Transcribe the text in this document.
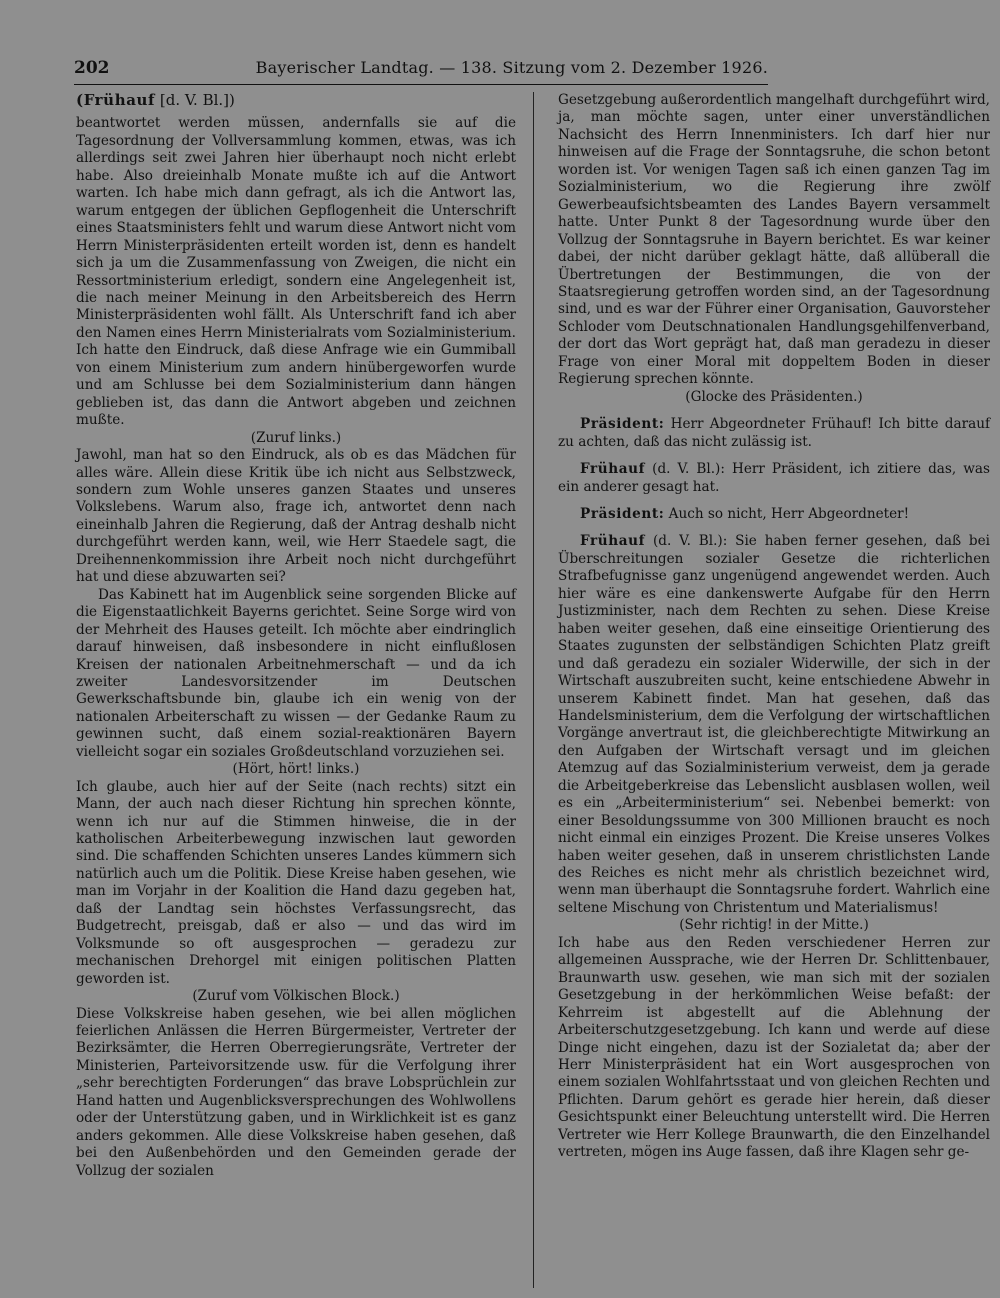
202	Bayerischer Landtag. — 138. Sitzung vom 2. Dezember 1926.

(Frühauf [d. V. Bl.])

beantwortet werden müssen, andernfalls sie auf die Tagesordnung der Vollversammlung kommen, etwas, was ich allerdings seit zwei Jahren hier überhaupt noch nicht erlebt habe. Also dreieinhalb Monate mußte ich auf die Antwort warten. Ich habe mich dann gefragt, als ich die Antwort las, warum entgegen der üblichen Gepflogenheit die Unterschrift eines Staatsministers fehlt und warum diese Antwort nicht vom Herrn Ministerpräsidenten erteilt worden ist, denn es handelt sich ja um die Zusammenfassung von Zweigen, die nicht ein Ressortministerium erledigt, sondern eine Angelegenheit ist, die nach meiner Meinung in den Arbeitsbereich des Herrn Ministerpräsidenten wohl fällt. Als Unterschrift fand ich aber den Namen eines Herrn Ministerialrats vom Sozialministerium. Ich hatte den Eindruck, daß diese Anfrage wie ein Gummiball von einem Ministerium zum andern hinübergeworfen wurde und am Schlusse bei dem Sozialministerium dann hängen geblieben ist, das dann die Antwort abgeben und zeichnen mußte.

(Zuruf links.)

Jawohl, man hat so den Eindruck, als ob es das Mädchen für alles wäre. Allein diese Kritik übe ich nicht aus Selbstzweck, sondern zum Wohle unseres ganzen Staates und unseres Volkslebens. Warum also, frage ich, antwortet denn nach eineinhalb Jahren die Regierung, daß der Antrag deshalb nicht durchgeführt werden kann, weil, wie Herr Staedele sagt, die Dreihennenkommission ihre Arbeit noch nicht durchgeführt hat und diese abzuwarten sei?

Das Kabinett hat im Augenblick seine sorgenden Blicke auf die Eigenstaatlichkeit Bayerns gerichtet. Seine Sorge wird von der Mehrheit des Hauses geteilt. Ich möchte aber eindringlich darauf hinweisen, daß insbesondere in nicht einflußlosen Kreisen der nationalen Arbeitnehmerschaft — und da ich zweiter Landesvorsitzender im Deutschen Gewerkschaftsbunde bin, glaube ich ein wenig von der nationalen Arbeiterschaft zu wissen — der Gedanke Raum zu gewinnen sucht, daß einem sozial-reaktionären Bayern vielleicht sogar ein soziales Großdeutschland vorzuziehen sei.

(Hört, hört! links.)

Ich glaube, auch hier auf der Seite (nach rechts) sitzt ein Mann, der auch nach dieser Richtung hin sprechen könnte, wenn ich nur auf die Stimmen hinweise, die in der katholischen Arbeiterbewegung inzwischen laut geworden sind. Die schaffenden Schichten unseres Landes kümmern sich natürlich auch um die Politik. Diese Kreise haben gesehen, wie man im Vorjahr in der Koalition die Hand dazu gegeben hat, daß der Landtag sein höchstes Verfassungsrecht, das Budgetrecht, preisgab, daß er also — und das wird im Volksmunde so oft ausgesprochen — geradezu zur mechanischen Drehorgel mit einigen politischen Platten geworden ist.

(Zuruf vom Völkischen Block.)

Diese Volkskreise haben gesehen, wie bei allen möglichen feierlichen Anlässen die Herren Bürgermeister, Vertreter der Bezirksämter, die Herren Oberregierungsräte, Vertreter der Ministerien, Parteivorsitzende usw. für die Verfolgung ihrer „sehr berechtigten Forderungen“ das brave Lobsprüchlein zur Hand hatten und Augenblicksversprechungen des Wohlwollens oder der Unterstützung gaben, und in Wirklichkeit ist es ganz anders gekommen. Alle diese Volkskreise haben gesehen, daß bei den Außenbehörden und den Gemeinden gerade der Vollzug der sozialen

Gesetzgebung außerordentlich mangelhaft durchgeführt wird, ja, man möchte sagen, unter einer unverständlichen Nachsicht des Herrn Innenministers. Ich darf hier nur hinweisen auf die Frage der Sonntagsruhe, die schon betont worden ist. Vor wenigen Tagen saß ich einen ganzen Tag im Sozialministerium, wo die Regierung ihre zwölf Gewerbeaufsichtsbeamten des Landes Bayern versammelt hatte. Unter Punkt 8 der Tagesordnung wurde über den Vollzug der Sonntagsruhe in Bayern berichtet. Es war keiner dabei, der nicht darüber geklagt hätte, daß allüberall die Übertretungen der Bestimmungen, die von der Staatsregierung getroffen worden sind, an der Tagesordnung sind, und es war der Führer einer Organisation, Gauvorsteher Schloder vom Deutschnationalen Handlungsgehilfenverband, der dort das Wort geprägt hat, daß man geradezu in dieser Frage von einer Moral mit doppeltem Boden in dieser Regierung sprechen könnte.

(Glocke des Präsidenten.)

Präsident: Herr Abgeordneter Frühauf! Ich bitte darauf zu achten, daß das nicht zulässig ist.

Frühauf (d. V. Bl.): Herr Präsident, ich zitiere das, was ein anderer gesagt hat.

Präsident: Auch so nicht, Herr Abgeordneter!

Frühauf (d. V. Bl.): Sie haben ferner gesehen, daß bei Überschreitungen sozialer Gesetze die richterlichen Strafbefugnisse ganz ungenügend angewendet werden. Auch hier wäre es eine dankenswerte Aufgabe für den Herrn Justizminister, nach dem Rechten zu sehen. Diese Kreise haben weiter gesehen, daß eine einseitige Orientierung des Staates zugunsten der selbständigen Schichten Platz greift und daß geradezu ein sozialer Widerwille, der sich in der Wirtschaft auszubreiten sucht, keine entschiedene Abwehr in unserem Kabinett findet. Man hat gesehen, daß das Handelsministerium, dem die Verfolgung der wirtschaftlichen Vorgänge anvertraut ist, die gleichberechtigte Mitwirkung an den Aufgaben der Wirtschaft versagt und im gleichen Atemzug auf das Sozialministerium verweist, dem ja gerade die Arbeitgeberkreise das Lebenslicht ausblasen wollen, weil es ein „Arbeiterministerium“ sei. Nebenbei bemerkt: von einer Besoldungssumme von 300 Millionen braucht es noch nicht einmal ein einziges Prozent. Die Kreise unseres Volkes haben weiter gesehen, daß in unserem christlichsten Lande des Reiches es nicht mehr als christlich bezeichnet wird, wenn man überhaupt die Sonntagsruhe fordert. Wahrlich eine seltene Mischung von Christentum und Materialismus!

(Sehr richtig! in der Mitte.)

Ich habe aus den Reden verschiedener Herren zur allgemeinen Aussprache, wie der Herren Dr. Schlittenbauer, Braunwarth usw. gesehen, wie man sich mit der sozialen Gesetzgebung in der herkömmlichen Weise befaßt: der Kehrreim ist abgestellt auf die Ablehnung der Arbeiterschutzgesetzgebung. Ich kann und werde auf diese Dinge nicht eingehen, dazu ist der Sozialetat da; aber der Herr Ministerpräsident hat ein Wort ausgesprochen von einem sozialen Wohlfahrtsstaat und von gleichen Rechten und Pflichten. Darum gehört es gerade hier herein, daß dieser Gesichtspunkt einer Beleuchtung unterstellt wird. Die Herren Vertreter wie Herr Kollege Braunwarth, die den Einzelhandel vertreten, mögen ins Auge fassen, daß ihre Klagen sehr ge-
